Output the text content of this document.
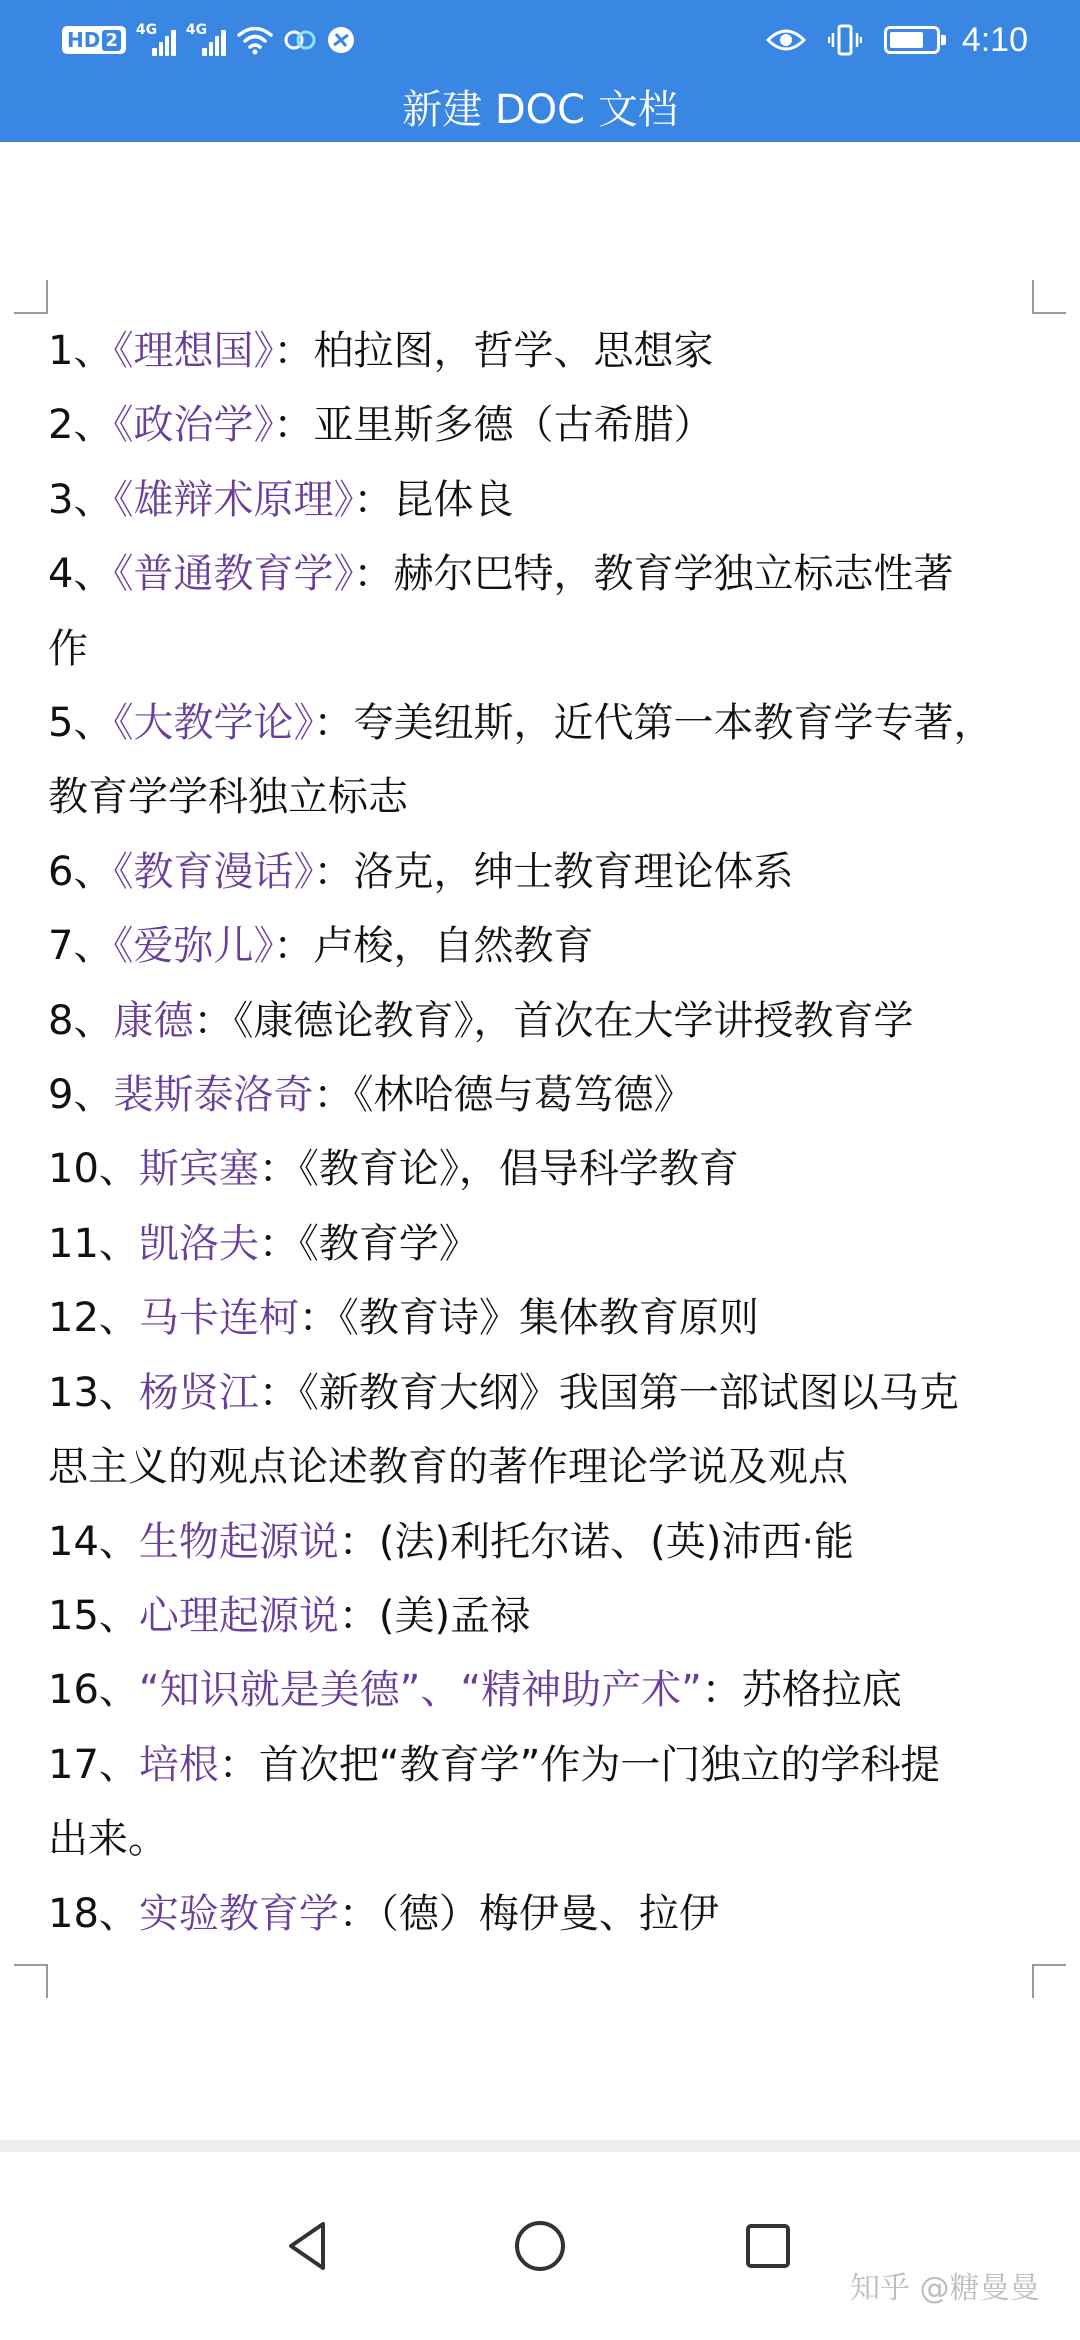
HD 2 4G 4G	4:10
新建 DOC 文档
1、《理想国》：柏拉图，哲学、思想家
2、《政治学》：亚里斯多德（古希腊）
3、《雄辩术原理》：昆体良
4、《普通教育学》：赫尔巴特，教育学独立标志性著
作
5、《大教学论》：夸美纽斯，近代第一本教育学专著，
教育学学科独立标志
6、《教育漫话》：洛克，绅士教育理论体系
7、《爱弥儿》：卢梭，自然教育
8、康德：《康德论教育》，首次在大学讲授教育学
9、裴斯泰洛奇：《林哈德与葛笃德》
10、斯宾塞：《教育论》，倡导科学教育
11、凯洛夫：《教育学》
12、马卡连柯：《教育诗》集体教育原则
13、杨贤江：《新教育大纲》我国第一部试图以马克
思主义的观点论述教育的著作理论学说及观点
14、生物起源说：(法)利托尔诺、(英)沛西·能
15、心理起源说：(美)孟禄
16、“知识就是美德”、“精神助产术”：苏格拉底
17、培根：首次把“教育学”作为一门独立的学科提
出来。
18、实验教育学：（德）梅伊曼、拉伊
知乎 @糖曼曼
